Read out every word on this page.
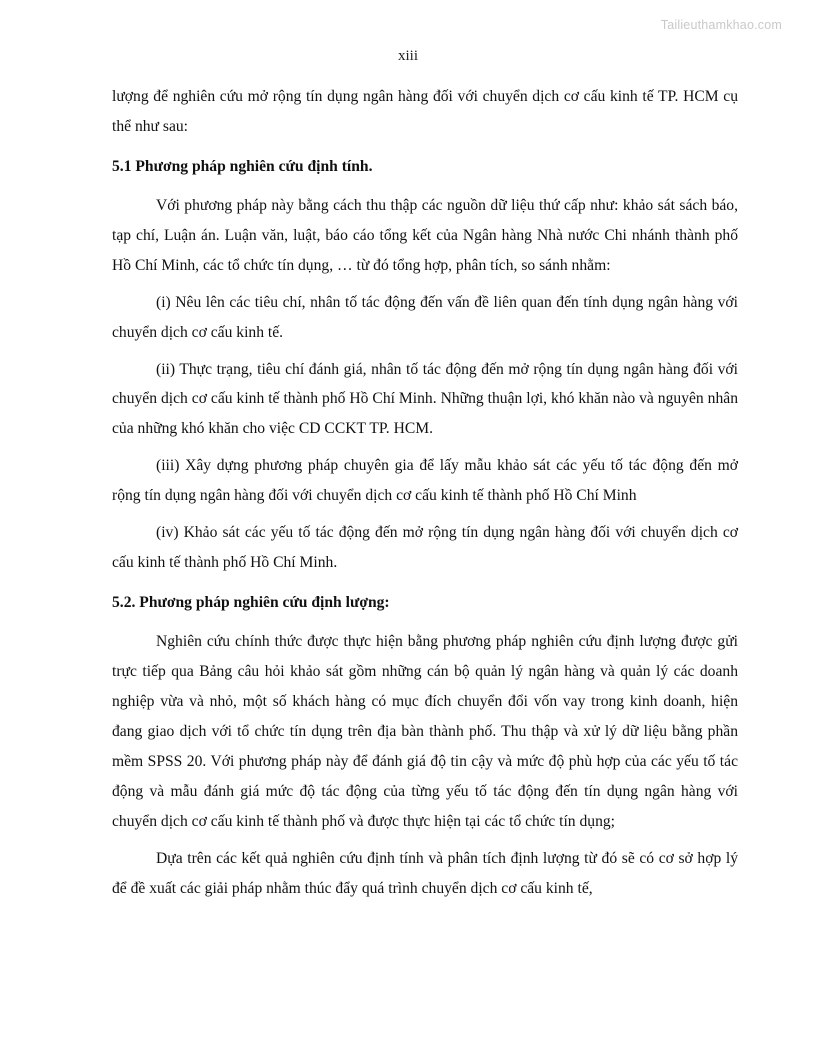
Tailieuthamkhao.com
xiii

lượng để nghiên cứu mở rộng tín dụng ngân hàng đối với chuyển dịch cơ cấu kinh tế TP. HCM cụ thể như sau:

5.1 Phương pháp nghiên cứu định tính.

Với phương pháp này bằng cách thu thập các nguồn dữ liệu thứ cấp như: khảo sát sách báo, tạp chí, Luận án. Luận văn, luật, báo cáo tổng kết của Ngân hàng Nhà nước Chi nhánh thành phố Hồ Chí Minh, các tổ chức tín dụng, … từ đó tổng hợp, phân tích, so sánh nhằm:

(i) Nêu lên các tiêu chí, nhân tố tác động đến vấn đề liên quan đến tính dụng ngân hàng với chuyển dịch cơ cấu kinh tế.

(ii) Thực trạng, tiêu chí đánh giá, nhân tố tác động đến mở rộng tín dụng ngân hàng đối với chuyển dịch cơ cấu kinh tế thành phố Hồ Chí Minh. Những thuận lợi, khó khăn nào và nguyên nhân của những khó khăn cho việc CD CCKT TP. HCM.

(iii) Xây dựng phương pháp chuyên gia để lấy mẫu khảo sát các yếu tố tác động đến mở rộng tín dụng ngân hàng đối với chuyển dịch cơ cấu kinh tế thành phố Hồ Chí Minh

(iv) Khảo sát các yếu tố tác động đến mở rộng tín dụng ngân hàng đối với chuyển dịch cơ cấu kinh tế thành phố Hồ Chí Minh.

5.2. Phương pháp nghiên cứu định lượng:

Nghiên cứu chính thức được thực hiện bằng phương pháp nghiên cứu định lượng được gửi trực tiếp qua Bảng câu hỏi khảo sát gồm những cán bộ quản lý ngân hàng và quản lý các doanh nghiệp vừa và nhỏ, một số khách hàng có mục đích chuyển đổi vốn vay trong kinh doanh, hiện đang giao dịch với tổ chức tín dụng trên địa bàn thành phố. Thu thập và xử lý dữ liệu bằng phần mềm SPSS 20. Với phương pháp này để đánh giá độ tin cậy và mức độ phù hợp của các yếu tố tác động và mẫu đánh giá mức độ tác động của từng yếu tố tác động đến tín dụng ngân hàng với chuyển dịch cơ cấu kinh tế thành phố và được thực hiện tại các tổ chức tín dụng;

Dựa trên các kết quả nghiên cứu định tính và phân tích định lượng từ đó sẽ có cơ sở hợp lý để đề xuất các giải pháp nhằm thúc đẩy quá trình chuyển dịch cơ cấu kinh tế,
